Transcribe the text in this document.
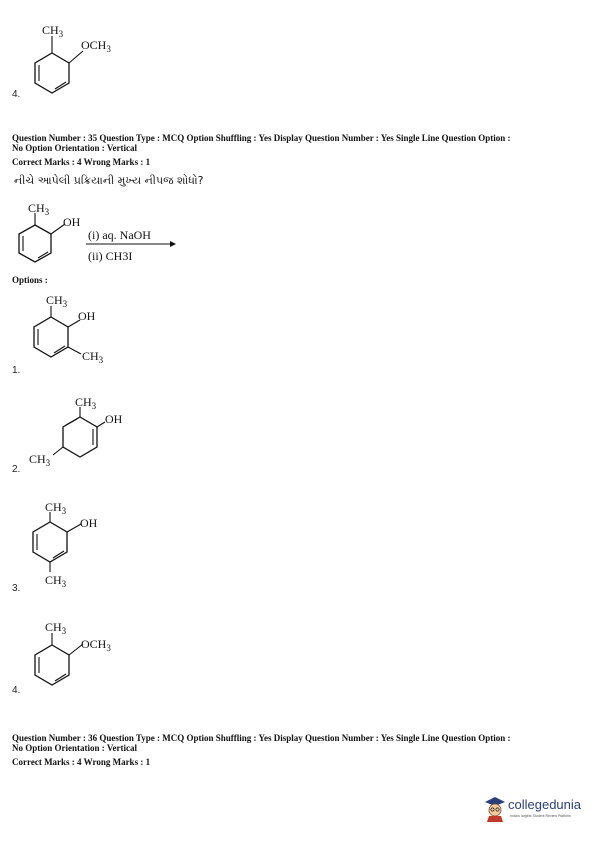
$CH_3$
$OCH_3$
4.
Question Number : 35 Question Type : MCQ Option Shuffling : Yes Display Question Number : Yes Single Line Question Option :
No Option Orientation : Vertical
Correct Marks : 4 Wrong Marks : 1
નીચે આપેલી પ્રક્રિયાની મુખ્ય નીપજ શોધો?
$CH_3$
OH
(i) aq. NaOH
(ii) CH3I
Options :
$CH_3$
OH
$CH_3$
1.
$CH_3$
OH
$CH_3$
2.
$CH_3$
OH
$CH_3$
3.
$CH_3$
$OCH_3$
4.
Question Number : 36 Question Type : MCQ Option Shuffling : Yes Display Question Number : Yes Single Line Question Option :
No Option Orientation : Vertical
Correct Marks : 4 Wrong Marks : 1
collegedunia
India's largest Student Review Platform
